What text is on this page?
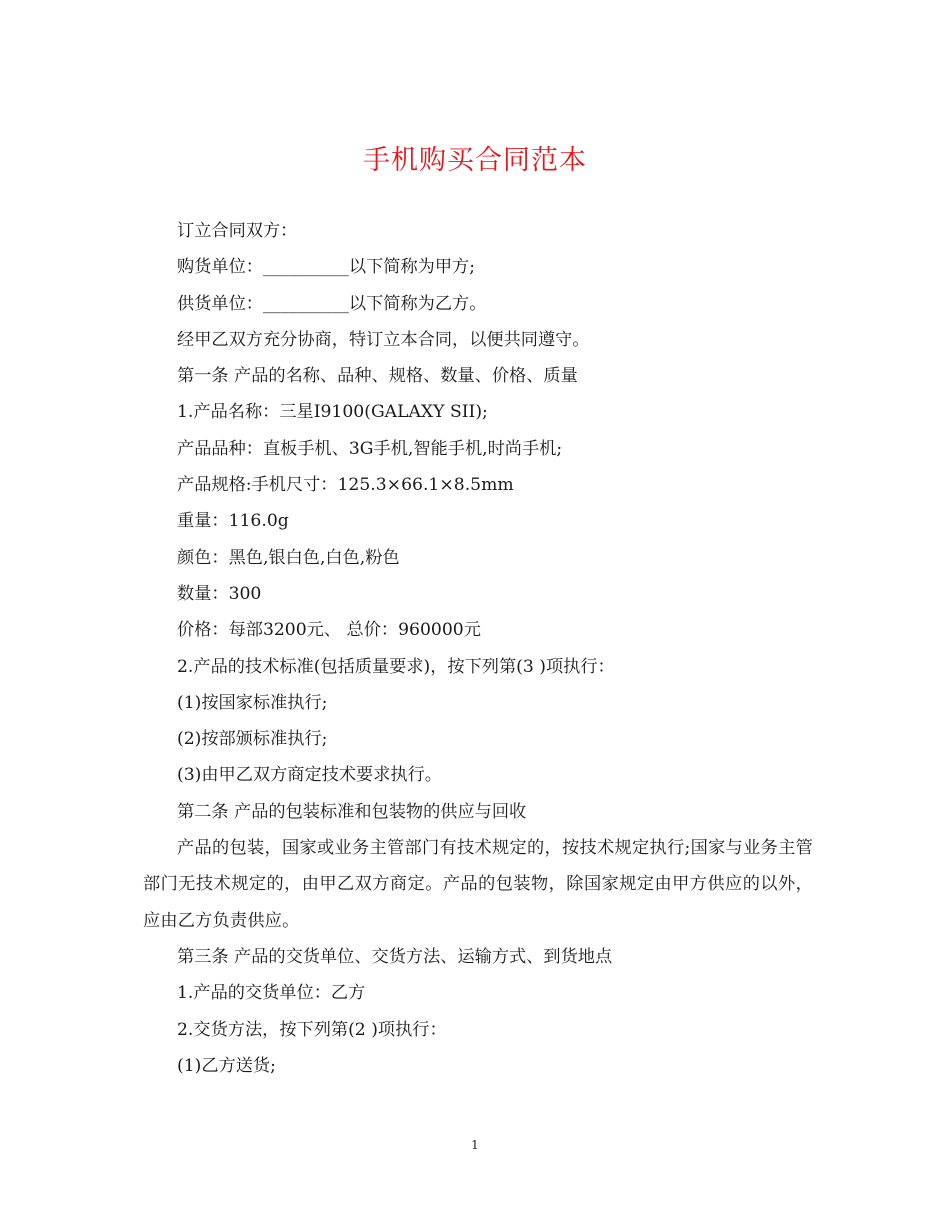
手机购买合同范本

订立合同双方：

购货单位：__________以下简称为甲方;

供货单位：__________以下简称为乙方。

经甲乙双方充分协商，特订立本合同，以便共同遵守。

第一条 产品的名称、品种、规格、数量、价格、质量

1.产品名称：三星I9100(GALAXY SII);

产品品种：直板手机、3G手机,智能手机,时尚手机;

产品规格:手机尺寸：125.3×66.1×8.5mm

重量：116.0g

颜色：黑色,银白色,白色,粉色

数量：300

价格：每部3200元、 总价：960000元

2.产品的技术标准(包括质量要求)，按下列第(3 )项执行：

(1)按国家标准执行;

(2)按部颁标准执行;

(3)由甲乙双方商定技术要求执行。

第二条 产品的包装标准和包装物的供应与回收

产品的包装，国家或业务主管部门有技术规定的，按技术规定执行;国家与业务主管部门无技术规定的，由甲乙双方商定。产品的包装物，除国家规定由甲方供应的以外，应由乙方负责供应。

第三条 产品的交货单位、交货方法、运输方式、到货地点

1.产品的交货单位：乙方

2.交货方法，按下列第(2 )项执行：

(1)乙方送货;

1
